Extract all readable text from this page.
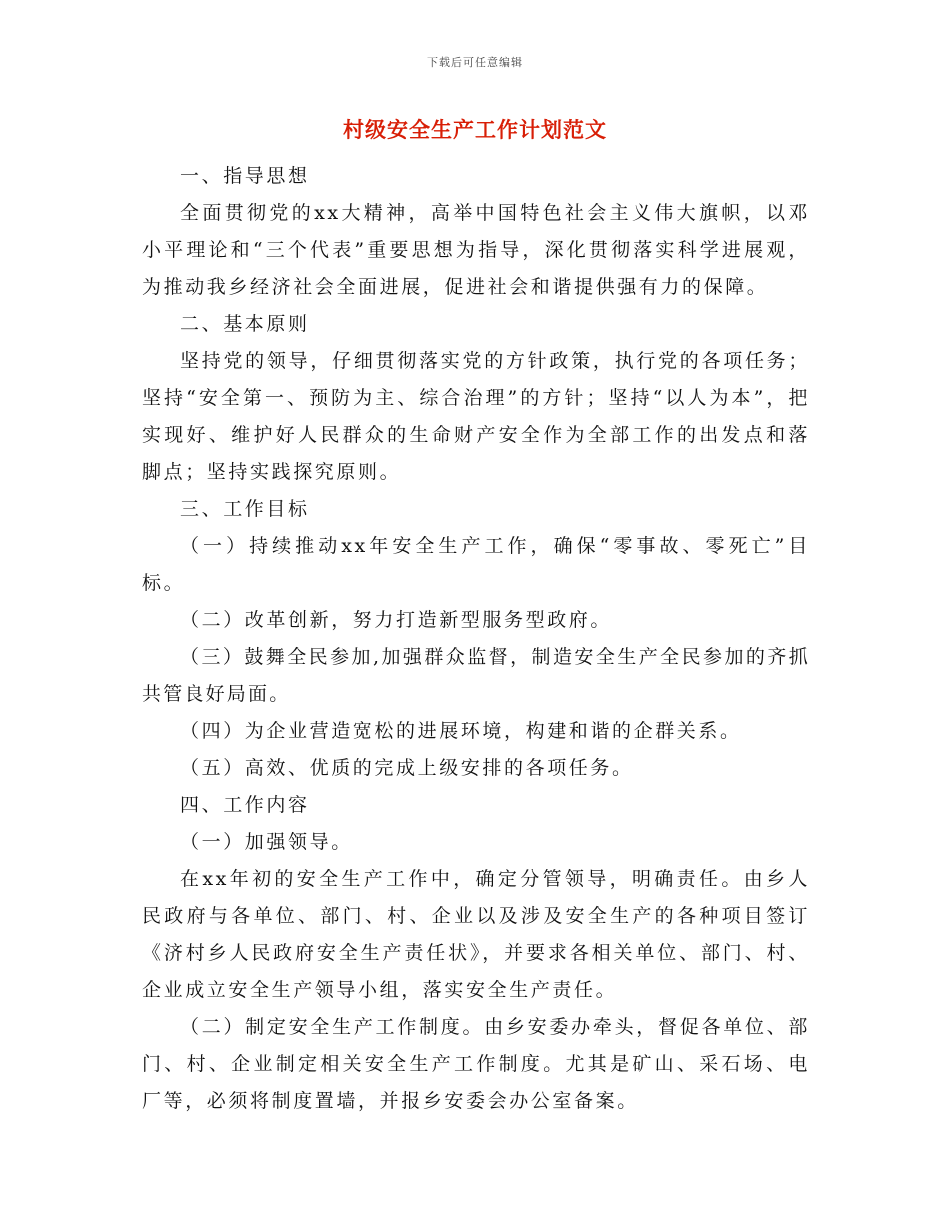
下载后可任意编辑
村级安全生产工作计划范文

一、指导思想

全面贯彻党的xx大精神，高举中国特色社会主义伟大旗帜，以邓小平理论和“三个代表”重要思想为指导，深化贯彻落实科学进展观，为推动我乡经济社会全面进展，促进社会和谐提供强有力的保障。

二、基本原则

坚持党的领导，仔细贯彻落实党的方针政策，执行党的各项任务；坚持“安全第一、预防为主、综合治理”的方针；坚持“以人为本”，把实现好、维护好人民群众的生命财产安全作为全部工作的出发点和落脚点；坚持实践探究原则。

三、工作目标

（一）持续推动xx年安全生产工作，确保“零事故、零死亡”目标。

（二）改革创新，努力打造新型服务型政府。

（三）鼓舞全民参加,加强群众监督，制造安全生产全民参加的齐抓共管良好局面。

（四）为企业营造宽松的进展环境，构建和谐的企群关系。

（五）高效、优质的完成上级安排的各项任务。

四、工作内容

（一）加强领导。

在xx年初的安全生产工作中，确定分管领导，明确责任。由乡人民政府与各单位、部门、村、企业以及涉及安全生产的各种项目签订《济村乡人民政府安全生产责任状》，并要求各相关单位、部门、村、企业成立安全生产领导小组，落实安全生产责任。

（二）制定安全生产工作制度。由乡安委办牵头，督促各单位、部门、村、企业制定相关安全生产工作制度。尤其是矿山、采石场、电厂等，必须将制度置墙，并报乡安委会办公室备案。
